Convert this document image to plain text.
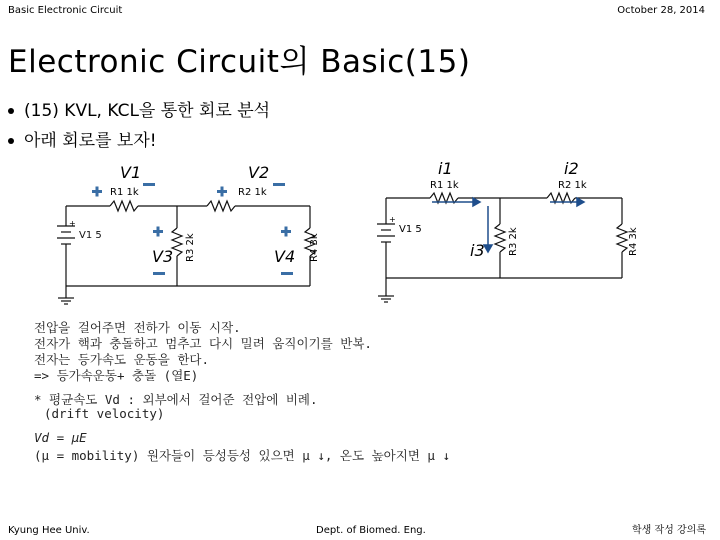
Basic Electronic Circuit	October 28, 2014
Electronic Circuit의 Basic(15)
(15) KVL, KCL을 통한 회로 분석
아래 회로를 보자!
+
V1 5
R1 1k	R2 1k
R3 2k	R4 3k
V1	V2
V3	V4
+
V1 5
R1 1k	R2 1k
R3 2k	R4 3k
i1	i2
i3
전압을 걸어주면 전하가 이동 시작.
전자가 핵과 충돌하고 멈추고 다시 밀려 움직이기를 반복.
전자는 등가속도 운동을 한다.
=> 등가속운동+ 충돌 (열E)
* 평균속도 Vd : 외부에서 걸어준 전압에 비례.
(drift velocity)
Vd = μE
(μ = mobility) 원자들이 등성등성 있으면 μ ↓, 온도 높아지면 μ ↓
Kyung Hee Univ.	Dept. of Biomed. Eng.	학생 작성 강의록
